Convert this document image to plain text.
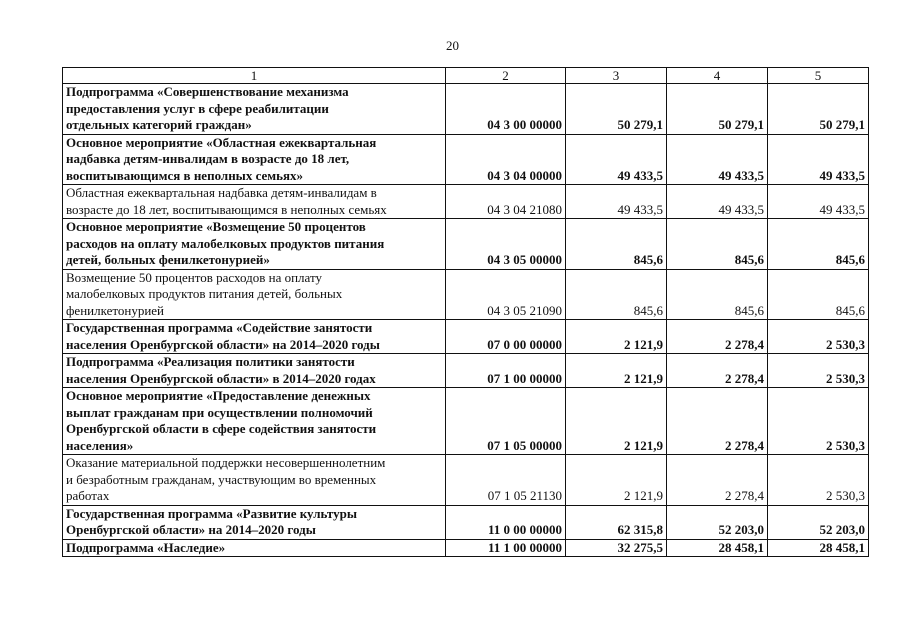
20
1	2	3	4	5
Подпрограмма «Совершенствование механизма
предоставления услуг в сфере реабилитации
отдельных категорий граждан»	04 3 00 00000	50 279,1	50 279,1	50 279,1
Основное мероприятие «Областная ежеквартальная
надбавка детям-инвалидам в возрасте до 18 лет,
воспитывающимся в неполных семьях»	04 3 04 00000	49 433,5	49 433,5	49 433,5
Областная ежеквартальная надбавка детям-инвалидам в
возрасте до 18 лет, воспитывающимся в неполных семьях	04 3 04 21080	49 433,5	49 433,5	49 433,5
Основное мероприятие «Возмещение 50 процентов
расходов на оплату малобелковых продуктов питания
детей, больных фенилкетонурией»	04 3 05 00000	845,6	845,6	845,6
Возмещение 50 процентов расходов на оплату
малобелковых продуктов питания детей, больных
фенилкетонурией	04 3 05 21090	845,6	845,6	845,6
Государственная программа «Содействие занятости
населения Оренбургской области» на 2014–2020 годы	07 0 00 00000	2 121,9	2 278,4	2 530,3
Подпрограмма «Реализация политики занятости
населения Оренбургской области» в 2014–2020 годах	07 1 00 00000	2 121,9	2 278,4	2 530,3
Основное мероприятие «Предоставление денежных
выплат гражданам при осуществлении полномочий
Оренбургской области в сфере содействия занятости
населения»	07 1 05 00000	2 121,9	2 278,4	2 530,3
Оказание материальной поддержки несовершеннолетним
и безработным гражданам, участвующим во временных
работах	07 1 05 21130	2 121,9	2 278,4	2 530,3
Государственная программа «Развитие культуры
Оренбургской области» на 2014–2020 годы	11 0 00 00000	62 315,8	52 203,0	52 203,0
Подпрограмма «Наследие»	11 1 00 00000	32 275,5	28 458,1	28 458,1
